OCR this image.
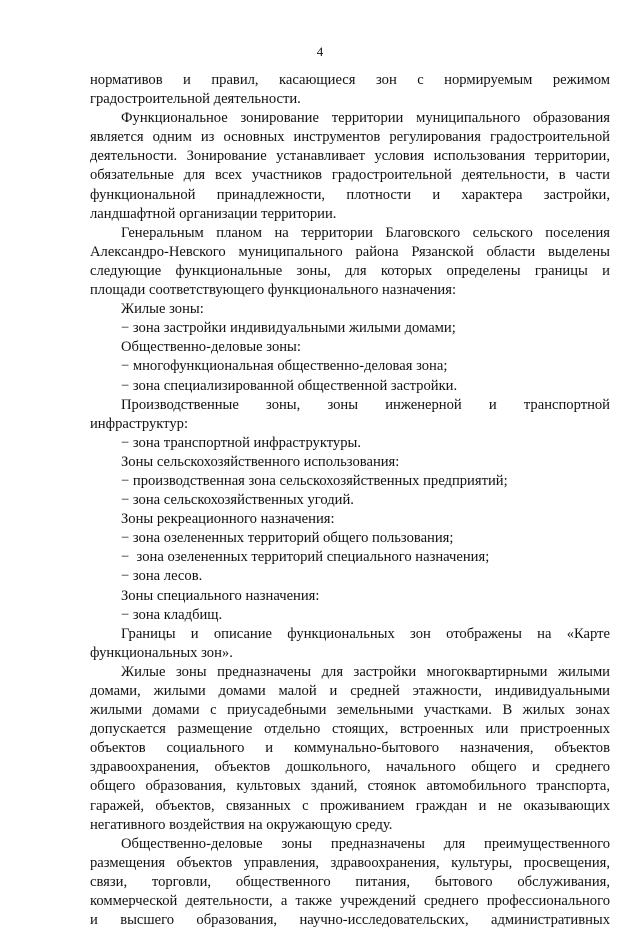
4
нормативов и правил, касающиеся зон с нормируемым режимом
градостроительной деятельности.
Функциональное зонирование территории муниципального образования
является одним из основных инструментов регулирования градостроительной
деятельности. Зонирование устанавливает условия использования территории,
обязательные для всех участников градостроительной деятельности, в части
функциональной принадлежности, плотности и характера застройки,
ландшафтной организации территории.
Генеральным планом на территории Благовского сельского поселения
Александро-Невского муниципального района Рязанской области выделены
следующие функциональные зоны, для которых определены границы и
площади соответствующего функционального назначения:
Жилые зоны:
− зона застройки индивидуальными жилыми домами;
Общественно-деловые зоны:
− многофункциональная общественно-деловая зона;
− зона специализированной общественной застройки.
Производственные зоны, зоны инженерной и транспортной
инфраструктур:
− зона транспортной инфраструктуры.
Зоны сельскохозяйственного использования:
− производственная зона сельскохозяйственных предприятий;
− зона сельскохозяйственных угодий.
Зоны рекреационного назначения:
− зона озелененных территорий общего пользования;
−  зона озелененных территорий специального назначения;
− зона лесов.
Зоны специального назначения:
− зона кладбищ.
Границы и описание функциональных зон отображены на «Карте
функциональных зон».
Жилые зоны предназначены для застройки многоквартирными жилыми
домами, жилыми домами малой и средней этажности, индивидуальными
жилыми домами с приусадебными земельными участками. В жилых зонах
допускается размещение отдельно стоящих, встроенных или пристроенных
объектов социального и коммунально-бытового назначения, объектов
здравоохранения, объектов дошкольного, начального общего и среднего
общего образования, культовых зданий, стоянок автомобильного транспорта,
гаражей, объектов, связанных с проживанием граждан и не оказывающих
негативного воздействия на окружающую среду.
Общественно-деловые зоны предназначены для преимущественного
размещения объектов управления, здравоохранения, культуры, просвещения,
связи, торговли, общественного питания, бытового обслуживания,
коммерческой деятельности, а также учреждений среднего профессионального
и высшего образования, научно-исследовательских, административных
